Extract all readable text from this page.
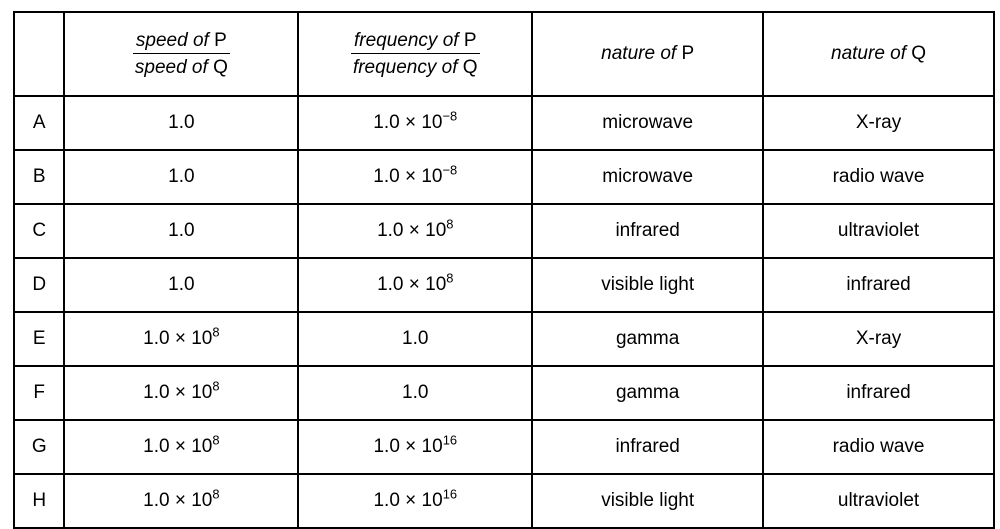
	$\frac{\text{speed of P}}{\text{speed of Q}}$	$\frac{\text{frequency of P}}{\text{frequency of Q}}$	nature of P	nature of Q
A	1.0	$1.0 \times 10^{-8}$	microwave	X-ray
B	1.0	$1.0 \times 10^{-8}$	microwave	radio wave
C	1.0	$1.0 \times 10^8$	infrared	ultraviolet
D	1.0	$1.0 \times 10^8$	visible light	infrared
E	$1.0 \times 10^8$	1.0	gamma	X-ray
F	$1.0 \times 10^8$	1.0	gamma	infrared
G	$1.0 \times 10^8$	$1.0 \times 10^{16}$	infrared	radio wave
H	$1.0 \times 10^8$	$1.0 \times 10^{16}$	visible light	ultraviolet
